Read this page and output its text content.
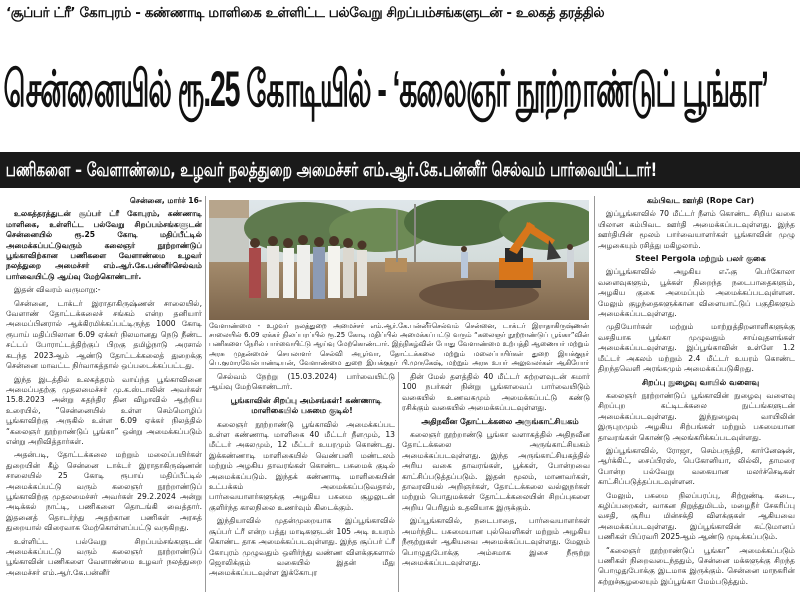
‘சூப்பர் ட்ரீ’ கோபுரம் - கண்ணாடி மாளிகை உள்ளிட்ட பல்வேறு சிறப்பம்சங்களுடன் - உலகத் தரத்தில்
சென்னையில் ரூ.25 கோடியில் - ‘கலைஞர் நூற்றாண்டுப் பூங்கா’
பணிகளை – வேளாண்மை, உழவர் நலத்துறை அமைச்சர் எம்.ஆர்.கே.பன்னீர் செல்வம் பார்வையிட்டார்!

சென்னை, மார்ச் 16-

உலகத்தரத்துடன் சூப்பர் ட்ரீ கோபுரம், கண்ணாடி மாளிகை, உள்ளிட்ட பல்வேறு சிறப்பம்சங்களுடன் சென்னையில் ரூ.25 கோடி மதிப்பீட்டில் அமைக்கப்பட்டுவரும் கலைஞர் நூற்றாண்டுப் பூங்காவிற்கான பணிகளை வேளாண்மை உழவர் நலத்துறை அமைச்சர் எம்.ஆர்.கே.பன்னீர்செல்வம் பார்வையிட்டு ஆய்வு மேற்கொண்டார்.

இதன் விவரம் வருமாறு:-

சென்னை, டாக்டர் இராதாகிருஷ்ணன் சாலையில், வேளாண் தோட்டக்கலைச் சங்கம் என்ற தனியார் அமைப்பினரால் ஆக்கிரமிக்கப்பட்டிருந்த 1000 கோடி ரூபாய் மதிப்பிலான 6.09 ஏக்கர் நிலமானது நெடு நீண்ட சட்டப் போராட்டத்திற்குப் பிறகு தமிழ்நாடு அரசால் கடந்த 2023ஆம் ஆண்டு தோட்டக்கலைத் துறைக்கு சென்னை மாவட்ட நிர்வாகத்தால் ஒப்படைக்கப்பட்டது.

இந்த இடத்தில் உலகத்தரம் வாய்ந்த பூங்காவினை அமைப்பதற்கு முதலமைச்சர் மு.க.ஸ்டாலின் அவர்கள் 15.8.2023 அன்று சுதந்திர தின விழாவில் ஆற்றிய உரையில், “சென்னையில் உள்ள செம்மொழிப் பூங்காவிற்கு அருகில் உள்ள 6.09 ஏக்கர் நிலத்தில் “கலைஞர் நூற்றாண்டுப் பூங்கா” ஒன்று அமைக்கப்படும் என்று அறிவித்தார்கள்.

அதன்படி, தோட்டக்கலை மற்றும் மலைப்பயிர்கள் துறையின் கீழ் சென்னை டாக்டர் இராதாகிருஷ்ணன் சாலையில் 25 கோடி ரூபாய் மதிப்பீட்டில் அமைக்கப்பட்டு வரும் கலைஞர் நூற்றாண்டுப் பூங்காவிற்கு முதலமைச்சர் அவர்கள் 29.2.2024 அன்று அடிக்கல் நாட்டி, பணிகளை தொடங்கி வைத்தார். இதனைத் தொடர்ந்து அதற்கான பணிகள் அரசுத் துறையால் விரைவாக மேற்கொள்ளப்பட்டு வருகிறது.

உள்ளிட்ட பல்வேறு சிறப்பம்சங்களுடன் அமைக்கப்பட்டு வரும் கலைஞர் நூற்றாண்டுப் பூங்காவின் பணிகளை வேளாண்மை உழவர் நலத்துறை அமைச்சர் எம்.ஆர்.கே.பன்னீர்

வேளாண்மை - உழவர் நலத்துறை அமைச்சர் எம்.ஆர்.கே.பன்னீர்செல்வம் சென்னை, டாக்டர் இராதாகிருஷ்ணன் சாலையில் 6.09 ஏக்கர் நிலப்பரப்பில் ரூ.25 கோடி மதிப்பில் அமைக்கப்பட்டு வரும் “கலைஞர் நூற்றாண்டுப் பூங்கா”வின் பணிகளை நேரில் பார்வையிட்டு ஆய்வு மேற்கொண்டார். இந்நிகழ்வின் போது வேளாண்மை உற்பத்தி ஆணையர் மற்றும் அரசு முதன்மைச் செயலாளர் செல்வி அபூர்வா, தோட்டக்கலை மற்றும் மலைப்பயிர்கள் துறை இயக்குநர் பெ.குமாரவேல்பாண்டியன், வேளாண்மை துறை இயக்குநர் பி.முருகேஷ், மற்றும் அரசு உயர் அலுவலர்கள் ஆகியோர்

செல்வம் நேற்று (15.03.2024) பார்வையிட்டு ஆய்வு மேற்கொண்டார்.

பூங்காவின் சிறப்பு அம்சங்கள்! கண்ணாடி மாளிகையில் பசுமை குடில்!

கலைஞர் நூற்றாண்டு பூங்காவில் அமைக்கப்பட உள்ள கண்ணாடி மாளிகை 40 மீட்டர் நீளமும், 13 மீட்டர் அகலமும், 12 மீட்டர் உயரமும் கொண்டது. இக்கண்ணாடி மாளிகையில் வெண்பனி மண்டலம் மற்றும் அழகிய தாவரங்கள் கொண்ட பசுமைக் குடில் அமைக்கப்படும். இந்தக் கண்ணாடி மாளிகையின் உட்பக்கம் அமைக்கப்படுவதால், பார்வையாளர்களுக்கு அழகிய பசுமை சூழலுடன் குளிர்ந்த காலநிலை உணர்வும் கிடைக்கும்.

இந்தியாவில் முதன்முறையாக இப்பூங்காவில் சூப்பர் ட்ரீ என்ற பத்து மாடிகளுடன் 105 அடி உயரம் கொண்ட தாக அமைக்கப்படவுள்ளது. இந்த சூப்பர் ட்ரீ கோபுரம் முழுவதும் ஒளிர்ந்து வண்ண விளக்குகளால் ஜொலிக்கும் வகையில் இதன் மீது அமைக்கப்படவுள்ள இக்கோபுர

தின் மேல் தளத்தில் 40 மீட்டர் சுற்றளவுடன் சுமார் 100 நபர்கள் நின்று பூங்காவைப் பார்வையிடும் வகையில் உணவகமும் அமைக்கப்பட்டு கண்டு ரசிக்கும் வகையில் அமைக்கப்படவுள்ளது.

அதிநவீன தோட்டக்கலை அருங்காட்சியகம்

கலைஞர் நூற்றாண்டு பூங்கா வளாகத்தில் அதிநவீன தோட்டக்கலை அருங்காட்சியகம் அமைக்கப்படவுள்ளது. இந்த அருங்காட்சியகத்தில் அரிய வகை தாவரங்கள், பூக்கள், போன்றவை காட்சிப்படுத்தப்படும். இதன் மூலம், மாணவர்கள், தாவரவியல் அறிஞர்கள், தோட்டக்கலை வல்லுநர்கள் மற்றும் பொதுமக்கள் தோட்டக்கலையின் சிறப்புகளை அறிய பெரிதும் உதவியாக இருக்கும்.

இப்பூங்காவில், நடைபாதை, பார்வையாளர்கள் அமர்ந்திட பசுமையான புல்வெளிகள் மற்றும் அழகிய நீரூற்றுகள் ஆகியவை அமைக்கப்படவுள்ளது. மேலும் பொழுதுபோக்கு அம்சமாக இசை நீரூற்று அமைக்கப்படவுள்ளது.

கம்பிவட ஊர்தி (Rope Car)

இப்பூங்காவில் 70 மீட்டர் நீளம் கொண்ட சிறிய வகை யிலான கம்பிவட ஊர்தி அமைக்கப்படவுள்ளது. இந்த ஊர்தியின் மூலம் பார்வையாளர்கள் பூங்காவின் முழு அழகையும் ரசித்து மகிழலாம்.

Steel Pergola மற்றும் பலர் குகை

இப்பூங்காவில் அழகிய எஃகு பெர்கோலா வளைவுகளும், பூக்கள் நிறைந்த நடைபாதைகளும், அழகிய குகை அமைப்பும் அமைக்கப்படவுள்ளன. மேலும் குழந்தைகளுக்கான விளையாட்டுப் பகுதிகளும் அமைக்கப்படவுள்ளது.

முதியோர்கள் மற்றும் மாற்றுத்திறனாளிகளுக்கு வசதியாக பூங்கா முழுவதும் சாய்வுதளங்கள் அமைக்கப்படவுள்ளது. இப்பூங்காவின் உள்ளே 1.2 மீட்டர் அகலம் மற்றும் 2.4 மீட்டர் உயரம் கொண்ட திறந்தவெளி அரங்கமும் அமைக்கப்படுகிறது.

சிறப்பு நுழைவு வாயில் வளைவு

கலைஞர் நூற்றாண்டுப் பூங்காவின் நுழைவு வளைவு சிறப்புற கட்டிடக்கலை நுட்பங்களுடன் அமைக்கப்படவுள்ளது. இந்நுழைவு வாயிலின் இருபுறமும் அழகிய சிற்பங்கள் மற்றும் பசுமையான தாவரங்கள் கொண்டு அலங்கரிக்கப்படவுள்ளது.

இப்பூங்காவில், ரோஜா, செம்பருத்தி, கார்னேஷன், ஆர்க்கிட், சைப்பிரஸ், பெகோனியா, லில்லி, தாமரை போன்ற பல்வேறு வகையான மலர்ச்செடிகள் காட்சிப்படுத்தப்படவுள்ளன.

மேலும், பசுமை நிலப்பரப்பு, சிற்றுண்டி கடை, கழிப்பறைகள், வாகன நிறுத்துமிடம், மழைநீர் சேகரிப்பு வசதி, சூரிய மின்சக்தி விளக்குகள் ஆகியவை அமைக்கப்படவுள்ளது. இப்பூங்காவின் கட்டுமானப் பணிகள் பிப்ரவரி 2025ஆம் ஆண்டு முடிக்கப்படும்.

“கலைஞர் நூற்றாண்டுப் பூங்கா” அமைக்கப்படும் பணிகள் நிறைவடைந்ததும், சென்னை மக்களுக்கு சிறந்த பொழுதுபோக்கு இடமாக இருக்கும். சென்னை மாநகரின் சுற்றுச்சூழலையும் இப்பூங்கா மேம்படுத்தும்.
